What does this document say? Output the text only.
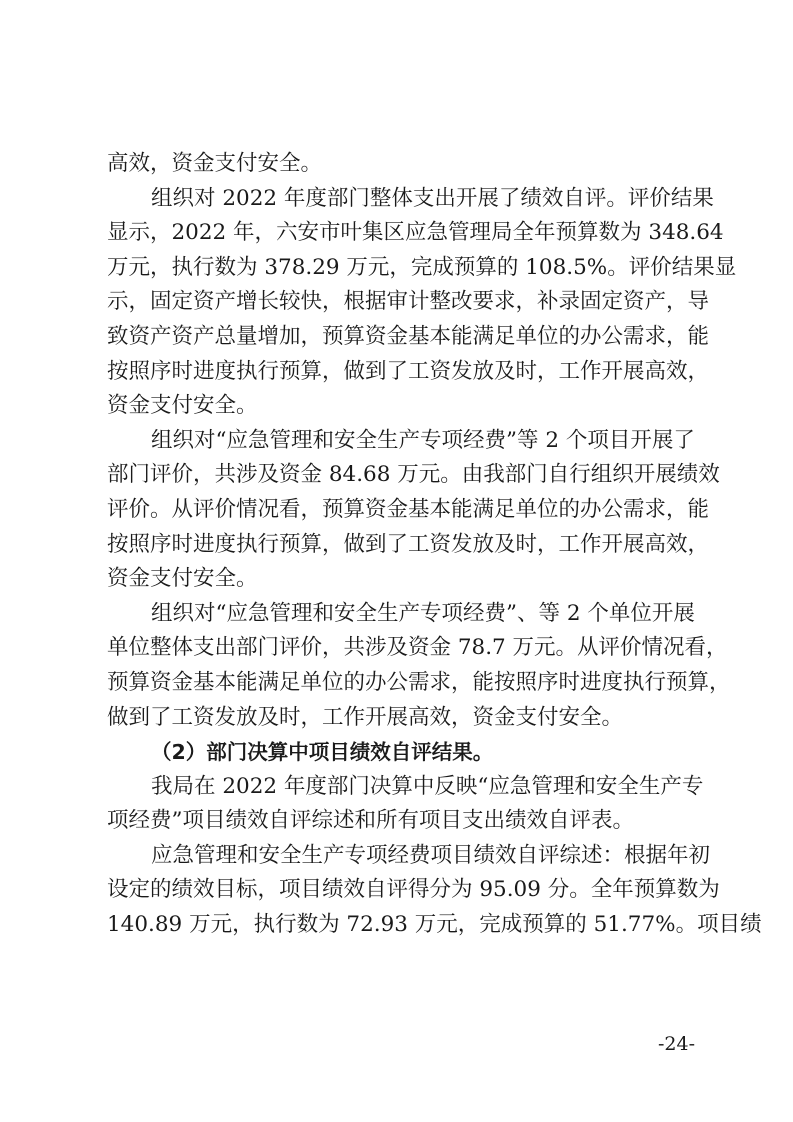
高效，资金支付安全。
组织对 2022 年度部门整体支出开展了绩效自评。评价结果
显示，2022 年，六安市叶集区应急管理局全年预算数为 348.64
万元，执行数为 378.29 万元，完成预算的 108.5%。评价结果显
示，固定资产增长较快，根据审计整改要求，补录固定资产，导
致资产资产总量增加，预算资金基本能满足单位的办公需求，能
按照序时进度执行预算，做到了工资发放及时，工作开展高效，
资金支付安全。
组织对“应急管理和安全生产专项经费”等 2 个项目开展了
部门评价，共涉及资金 84.68 万元。由我部门自行组织开展绩效
评价。从评价情况看，预算资金基本能满足单位的办公需求，能
按照序时进度执行预算，做到了工资发放及时，工作开展高效，
资金支付安全。
组织对“应急管理和安全生产专项经费”、等 2 个单位开展
单位整体支出部门评价，共涉及资金 78.7 万元。从评价情况看，
预算资金基本能满足单位的办公需求，能按照序时进度执行预算，
做到了工资发放及时，工作开展高效，资金支付安全。
（2）部门决算中项目绩效自评结果。
我局在 2022 年度部门决算中反映“应急管理和安全生产专
项经费”项目绩效自评综述和所有项目支出绩效自评表。
应急管理和安全生产专项经费项目绩效自评综述：根据年初
设定的绩效目标，项目绩效自评得分为 95.09 分。全年预算数为
140.89 万元，执行数为 72.93 万元，完成预算的 51.77%。项目绩
-24-
